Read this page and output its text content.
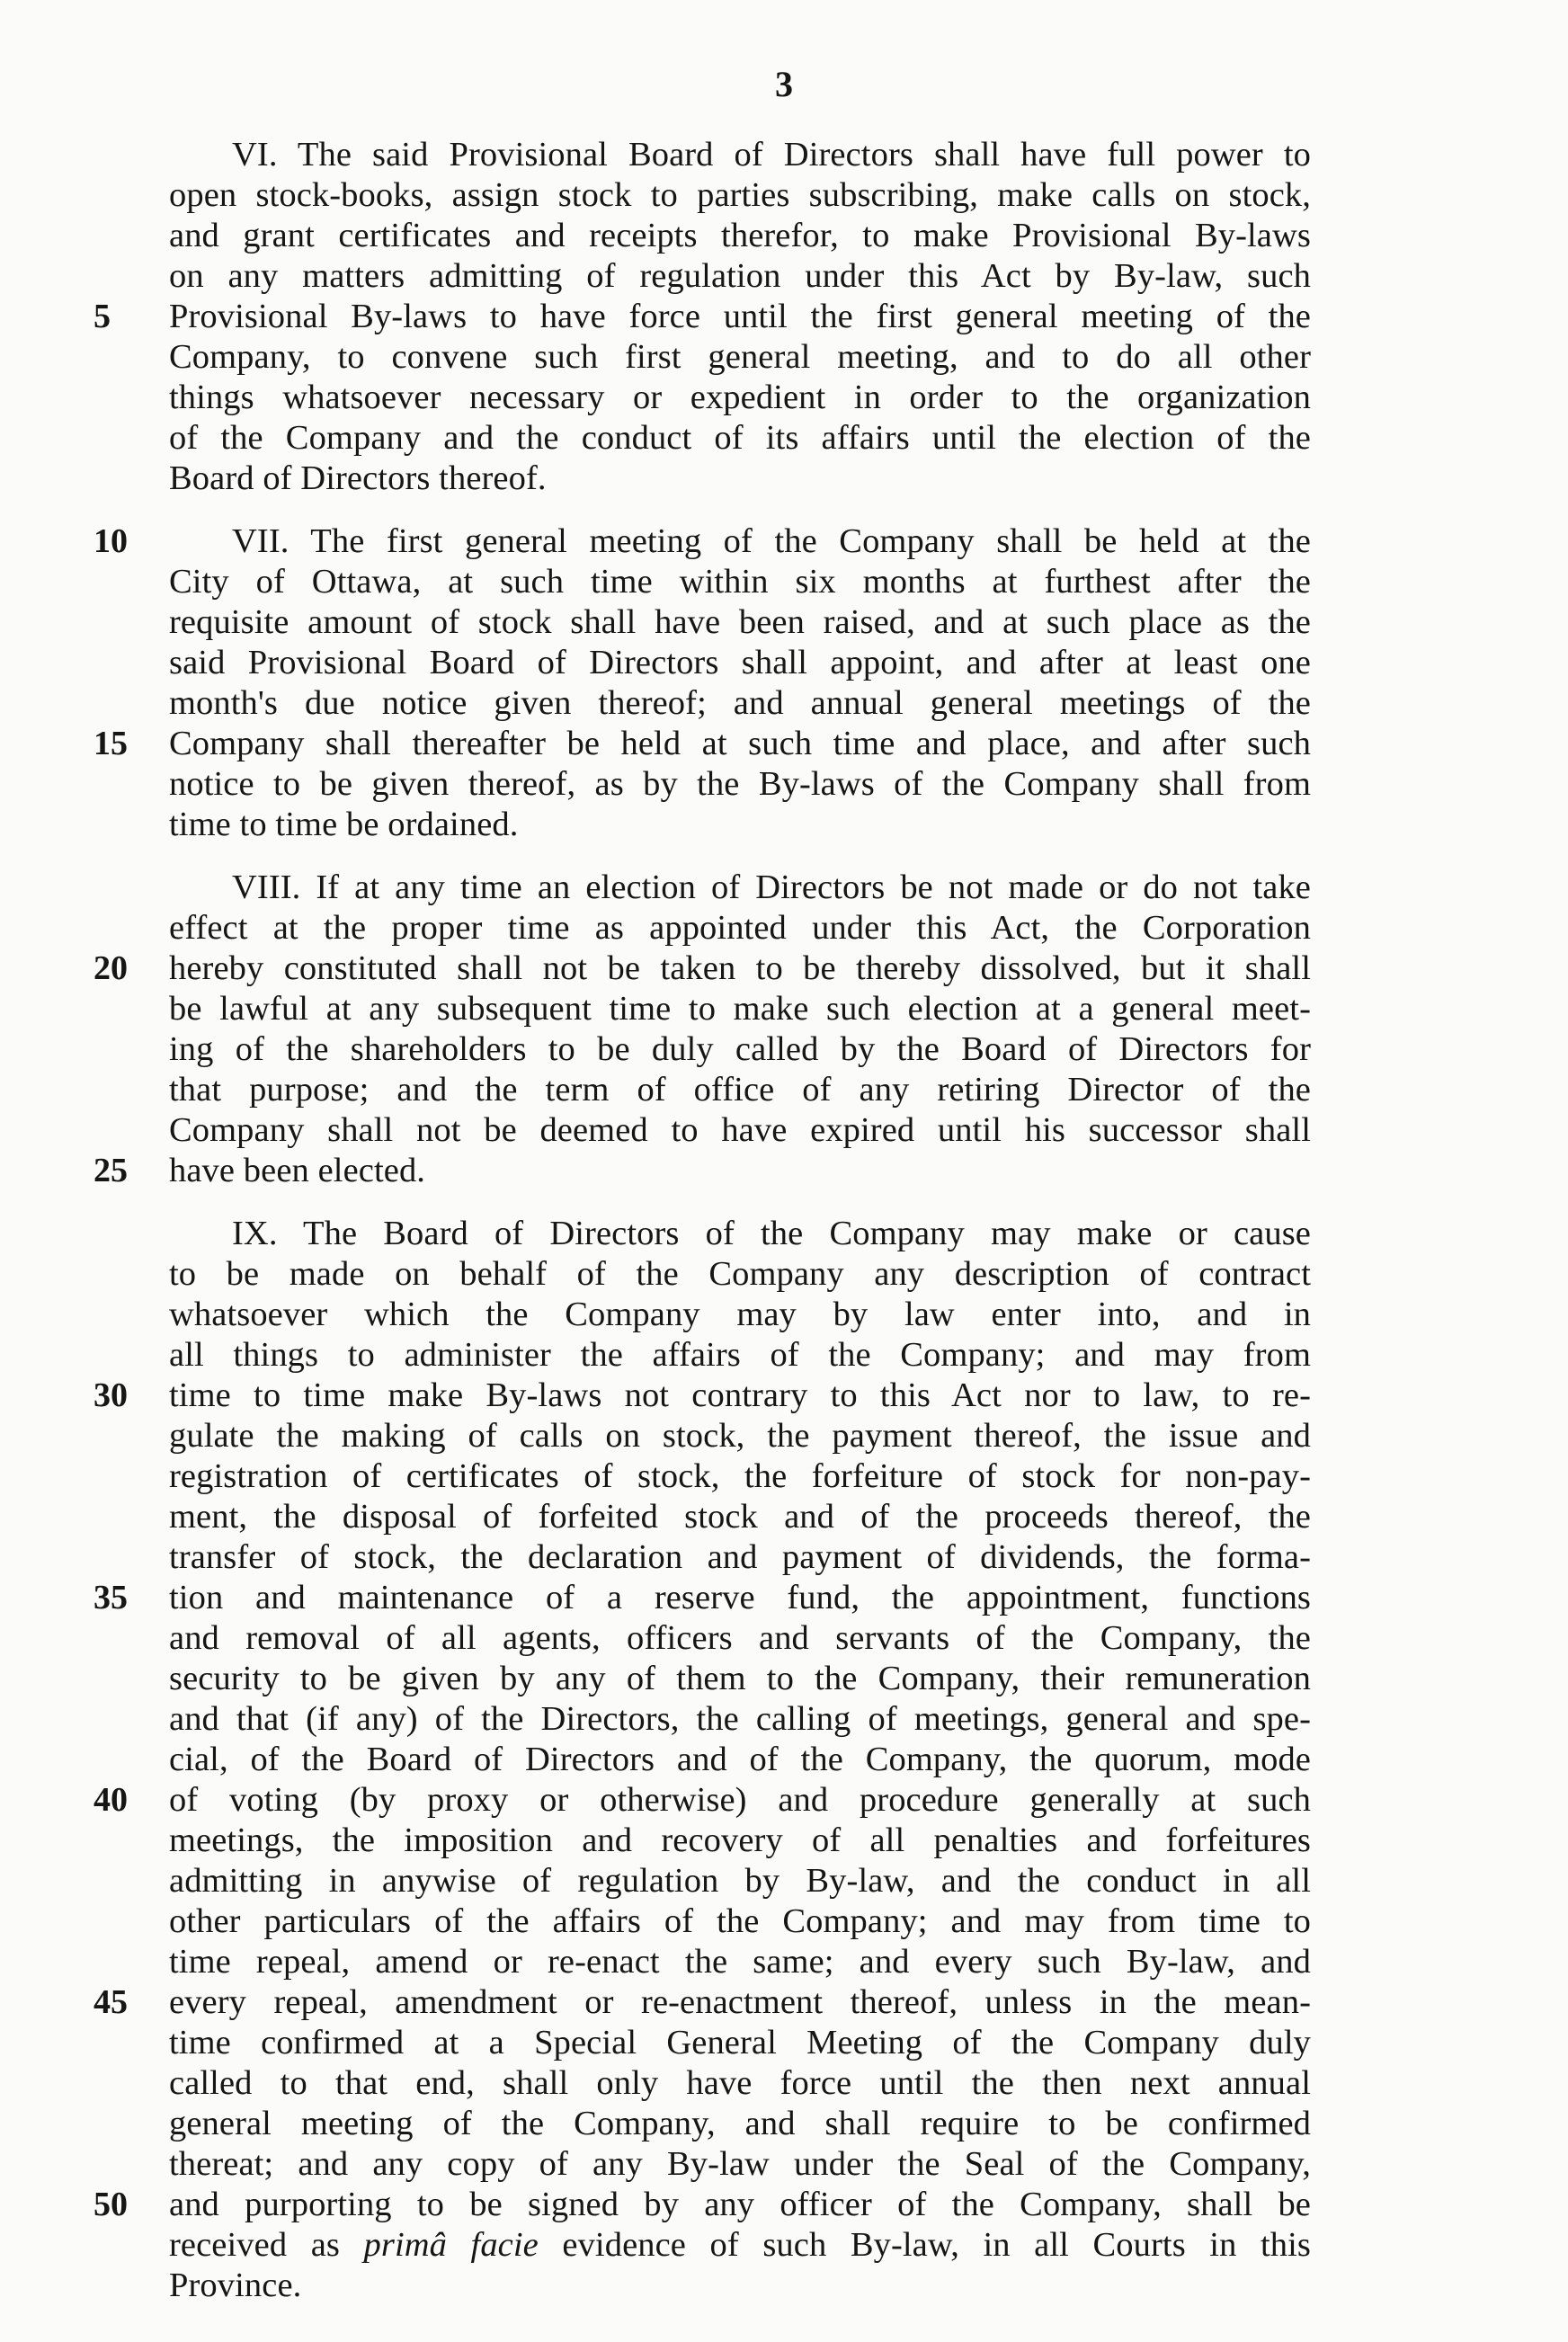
3
VI. The said Provisional Board of Directors shall have full power to
open stock-books, assign stock to parties subscribing, make calls on stock,
and grant certificates and receipts therefor, to make Provisional By-laws
on any matters admitting of regulation under this Act by By-law, such
Provisional By-laws to have force until the first general meeting of the
Company, to convene such first general meeting, and to do all other
things whatsoever necessary or expedient in order to the organization
of the Company and the conduct of its affairs until the election of the
Board of Directors thereof.
5
VII. The first general meeting of the Company shall be held at the
City of Ottawa, at such time within six months at furthest after the
requisite amount of stock shall have been raised, and at such place as the
said Provisional Board of Directors shall appoint, and after at least one
month's due notice given thereof; and annual general meetings of the
Company shall thereafter be held at such time and place, and after such
notice to be given thereof, as by the By-laws of the Company shall from
time to time be ordained.
10
15
VIII. If at any time an election of Directors be not made or do not take
effect at the proper time as appointed under this Act, the Corporation
hereby constituted shall not be taken to be thereby dissolved, but it shall
be lawful at any subsequent time to make such election at a general meet-
ing of the shareholders to be duly called by the Board of Directors for
that purpose; and the term of office of any retiring Director of the
Company shall not be deemed to have expired until his successor shall
have been elected.
20
25
IX. The Board of Directors of the Company may make or cause
to be made on behalf of the Company any description of contract
whatsoever which the Company may by law enter into, and in
all things to administer the affairs of the Company; and may from
time to time make By-laws not contrary to this Act nor to law, to re-
gulate the making of calls on stock, the payment thereof, the issue and
registration of certificates of stock, the forfeiture of stock for non-pay-
ment, the disposal of forfeited stock and of the proceeds thereof, the
transfer of stock, the declaration and payment of dividends, the forma-
tion and maintenance of a reserve fund, the appointment, functions
and removal of all agents, officers and servants of the Company, the
security to be given by any of them to the Company, their remuneration
and that (if any) of the Directors, the calling of meetings, general and spe-
cial, of the Board of Directors and of the Company, the quorum, mode
of voting (by proxy or otherwise) and procedure generally at such
meetings, the imposition and recovery of all penalties and forfeitures
admitting in anywise of regulation by By-law, and the conduct in all
other particulars of the affairs of the Company; and may from time to
time repeal, amend or re-enact the same; and every such By-law, and
every repeal, amendment or re-enactment thereof, unless in the mean-
time confirmed at a Special General Meeting of the Company duly
called to that end, shall only have force until the then next annual
general meeting of the Company, and shall require to be confirmed
thereat; and any copy of any By-law under the Seal of the Company,
and purporting to be signed by any officer of the Company, shall be
received as primâ facie evidence of such By-law, in all Courts in this
Province.
30
35
40
45
50
